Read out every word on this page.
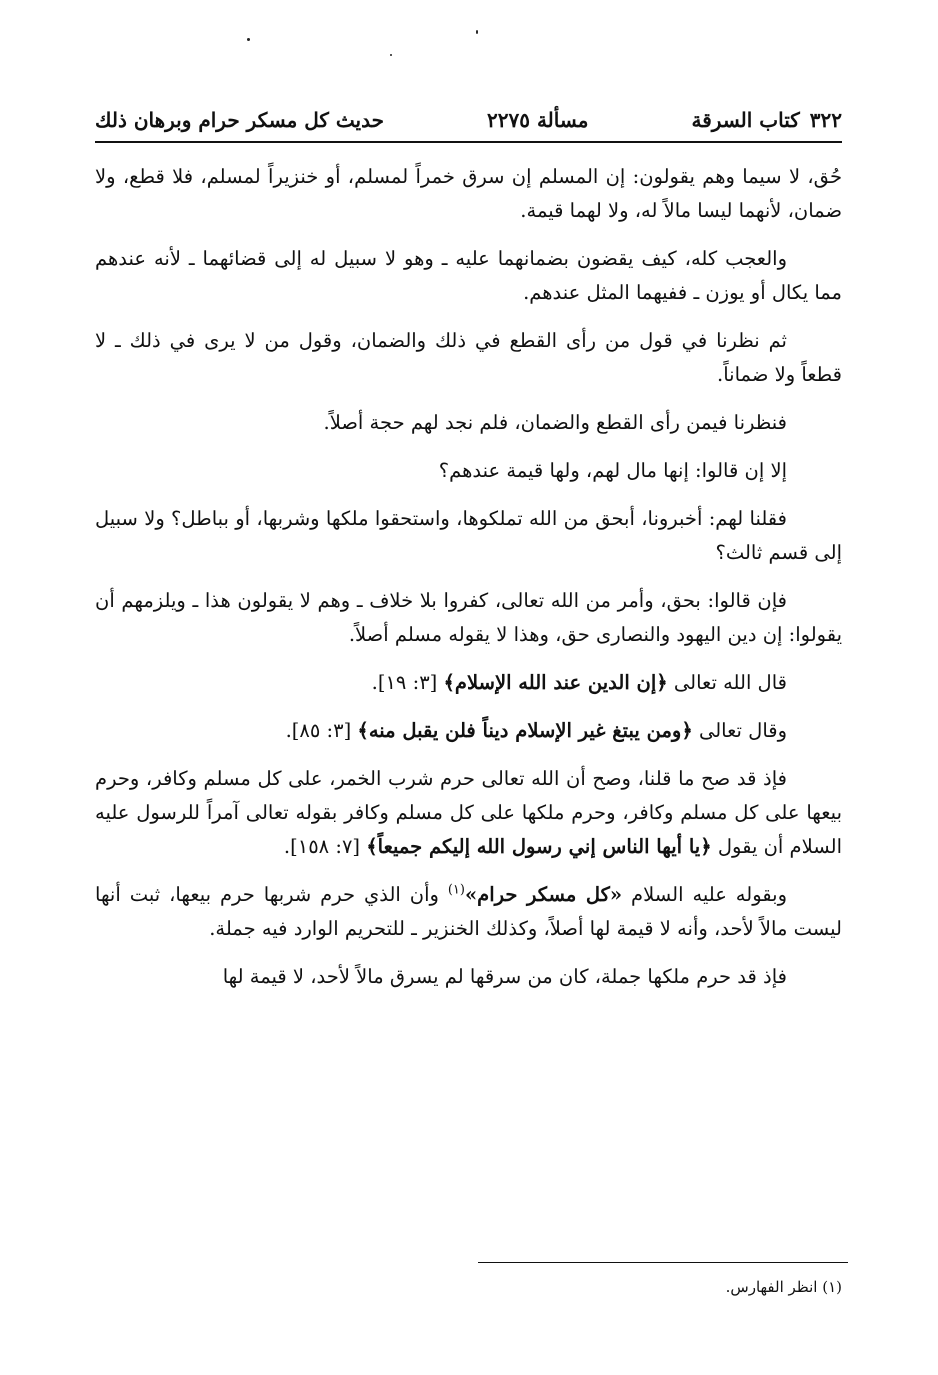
٣٢٢
كتاب السرقة
مسألة ٢٢٧٥
حديث كل مسكر حرام وبرهان ذلك

حُق، لا سيما وهم يقولون: إن المسلم إن سرق خمراً لمسلم، أو خنزيراً لمسلم، فلا قطع، ولا ضمان، لأنهما ليسا مالاً له، ولا لهما قيمة.

والعجب كله، كيف يقضون بضمانهما عليه ـ وهو لا سبيل له إلى قضائهما ـ لأنه عندهم مما يكال أو يوزن ـ ففيهما المثل عندهم.

ثم نظرنا في قول من رأى القطع في ذلك والضمان، وقول من لا يرى في ذلك ـ لا قطعاً ولا ضماناً.

فنظرنا فيمن رأى القطع والضمان، فلم نجد لهم حجة أصلاً.

إلا إن قالوا: إنها مال لهم، ولها قيمة عندهم؟

فقلنا لهم: أخبرونا، أبحق من الله تملكوها، واستحقوا ملكها وشربها، أو بباطل؟ ولا سبيل إلى قسم ثالث؟

فإن قالوا: بحق، وأمر من الله تعالى، كفروا بلا خلاف ـ وهم لا يقولون هذا ـ ويلزمهم أن يقولوا: إن دين اليهود والنصارى حق، وهذا لا يقوله مسلم أصلاً.

قال الله تعالى ﴿إن الدين عند الله الإسلام﴾ [٣: ١٩].

وقال تعالى ﴿ومن يبتغ غير الإسلام ديناً فلن يقبل منه﴾ [٣: ٨٥].

فإذ قد صح ما قلنا، وصح أن الله تعالى حرم شرب الخمر، على كل مسلم وكافر، وحرم بيعها على كل مسلم وكافر، وحرم ملكها على كل مسلم وكافر بقوله تعالى آمراً للرسول عليه السلام أن يقول ﴿يا أيها الناس إني رسول الله إليكم جميعاً﴾ [٧: ١٥٨].

وبقوله عليه السلام «كل مسكر حرام»$^{(١)}$ وأن الذي حرم شربها حرم بيعها، ثبت أنها ليست مالاً لأحد، وأنه لا قيمة لها أصلاً، وكذلك الخنزير ـ للتحريم الوارد فيه جملة.

فإذ قد حرم ملكها جملة، كان من سرقها لم يسرق مالاً لأحد، لا قيمة لها

(١) انظر الفهارس.
